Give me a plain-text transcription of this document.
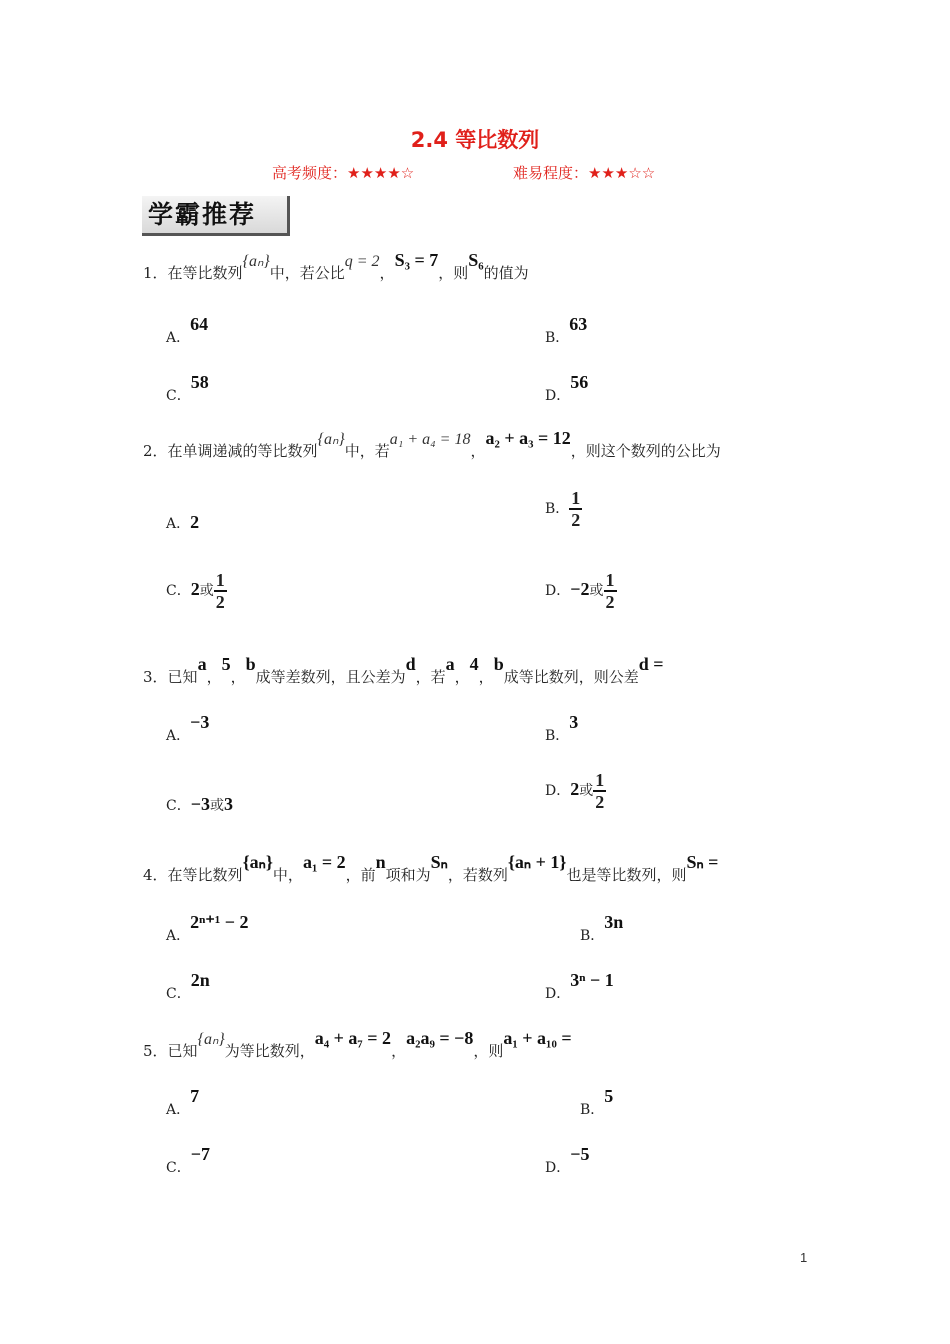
2.4 等比数列
高考频度：★★★★☆	难易程度：★★★☆☆
学霸推荐
1．在等比数列{aₙ}中，若公比q = 2，S₃ = 7，则S₆的值为
A．64
B．63
C．58
D．56
2．在单调递减的等比数列{aₙ}中，若a₁ + a₄ = 18，a₂ + a₃ = 12，则这个数列的公比为
A．2
B． $\frac{1}{2}$
C．2或 $\frac{1}{2}$	D．−2或 $\frac{1}{2}$
3．已知a，5，b成等差数列，且公差为d，若a，4，b成等比数列，则公差d =
A．−3
B．3
C．−3或3
D．2或 $\frac{1}{2}$
4．在等比数列{aₙ}中，a₁ = 2，前n项和为Sₙ，若数列{aₙ + 1}也是等比数列，则Sₙ =
A．2ⁿ⁺¹ − 2
B．3n
C．2n
D．3ⁿ − 1
5．已知{aₙ}为等比数列，a₄ + a₇ = 2，a₂a₉ = −8，则a₁ + a₁₀ =
A．7
B．5
C．−7
D．−5
1
